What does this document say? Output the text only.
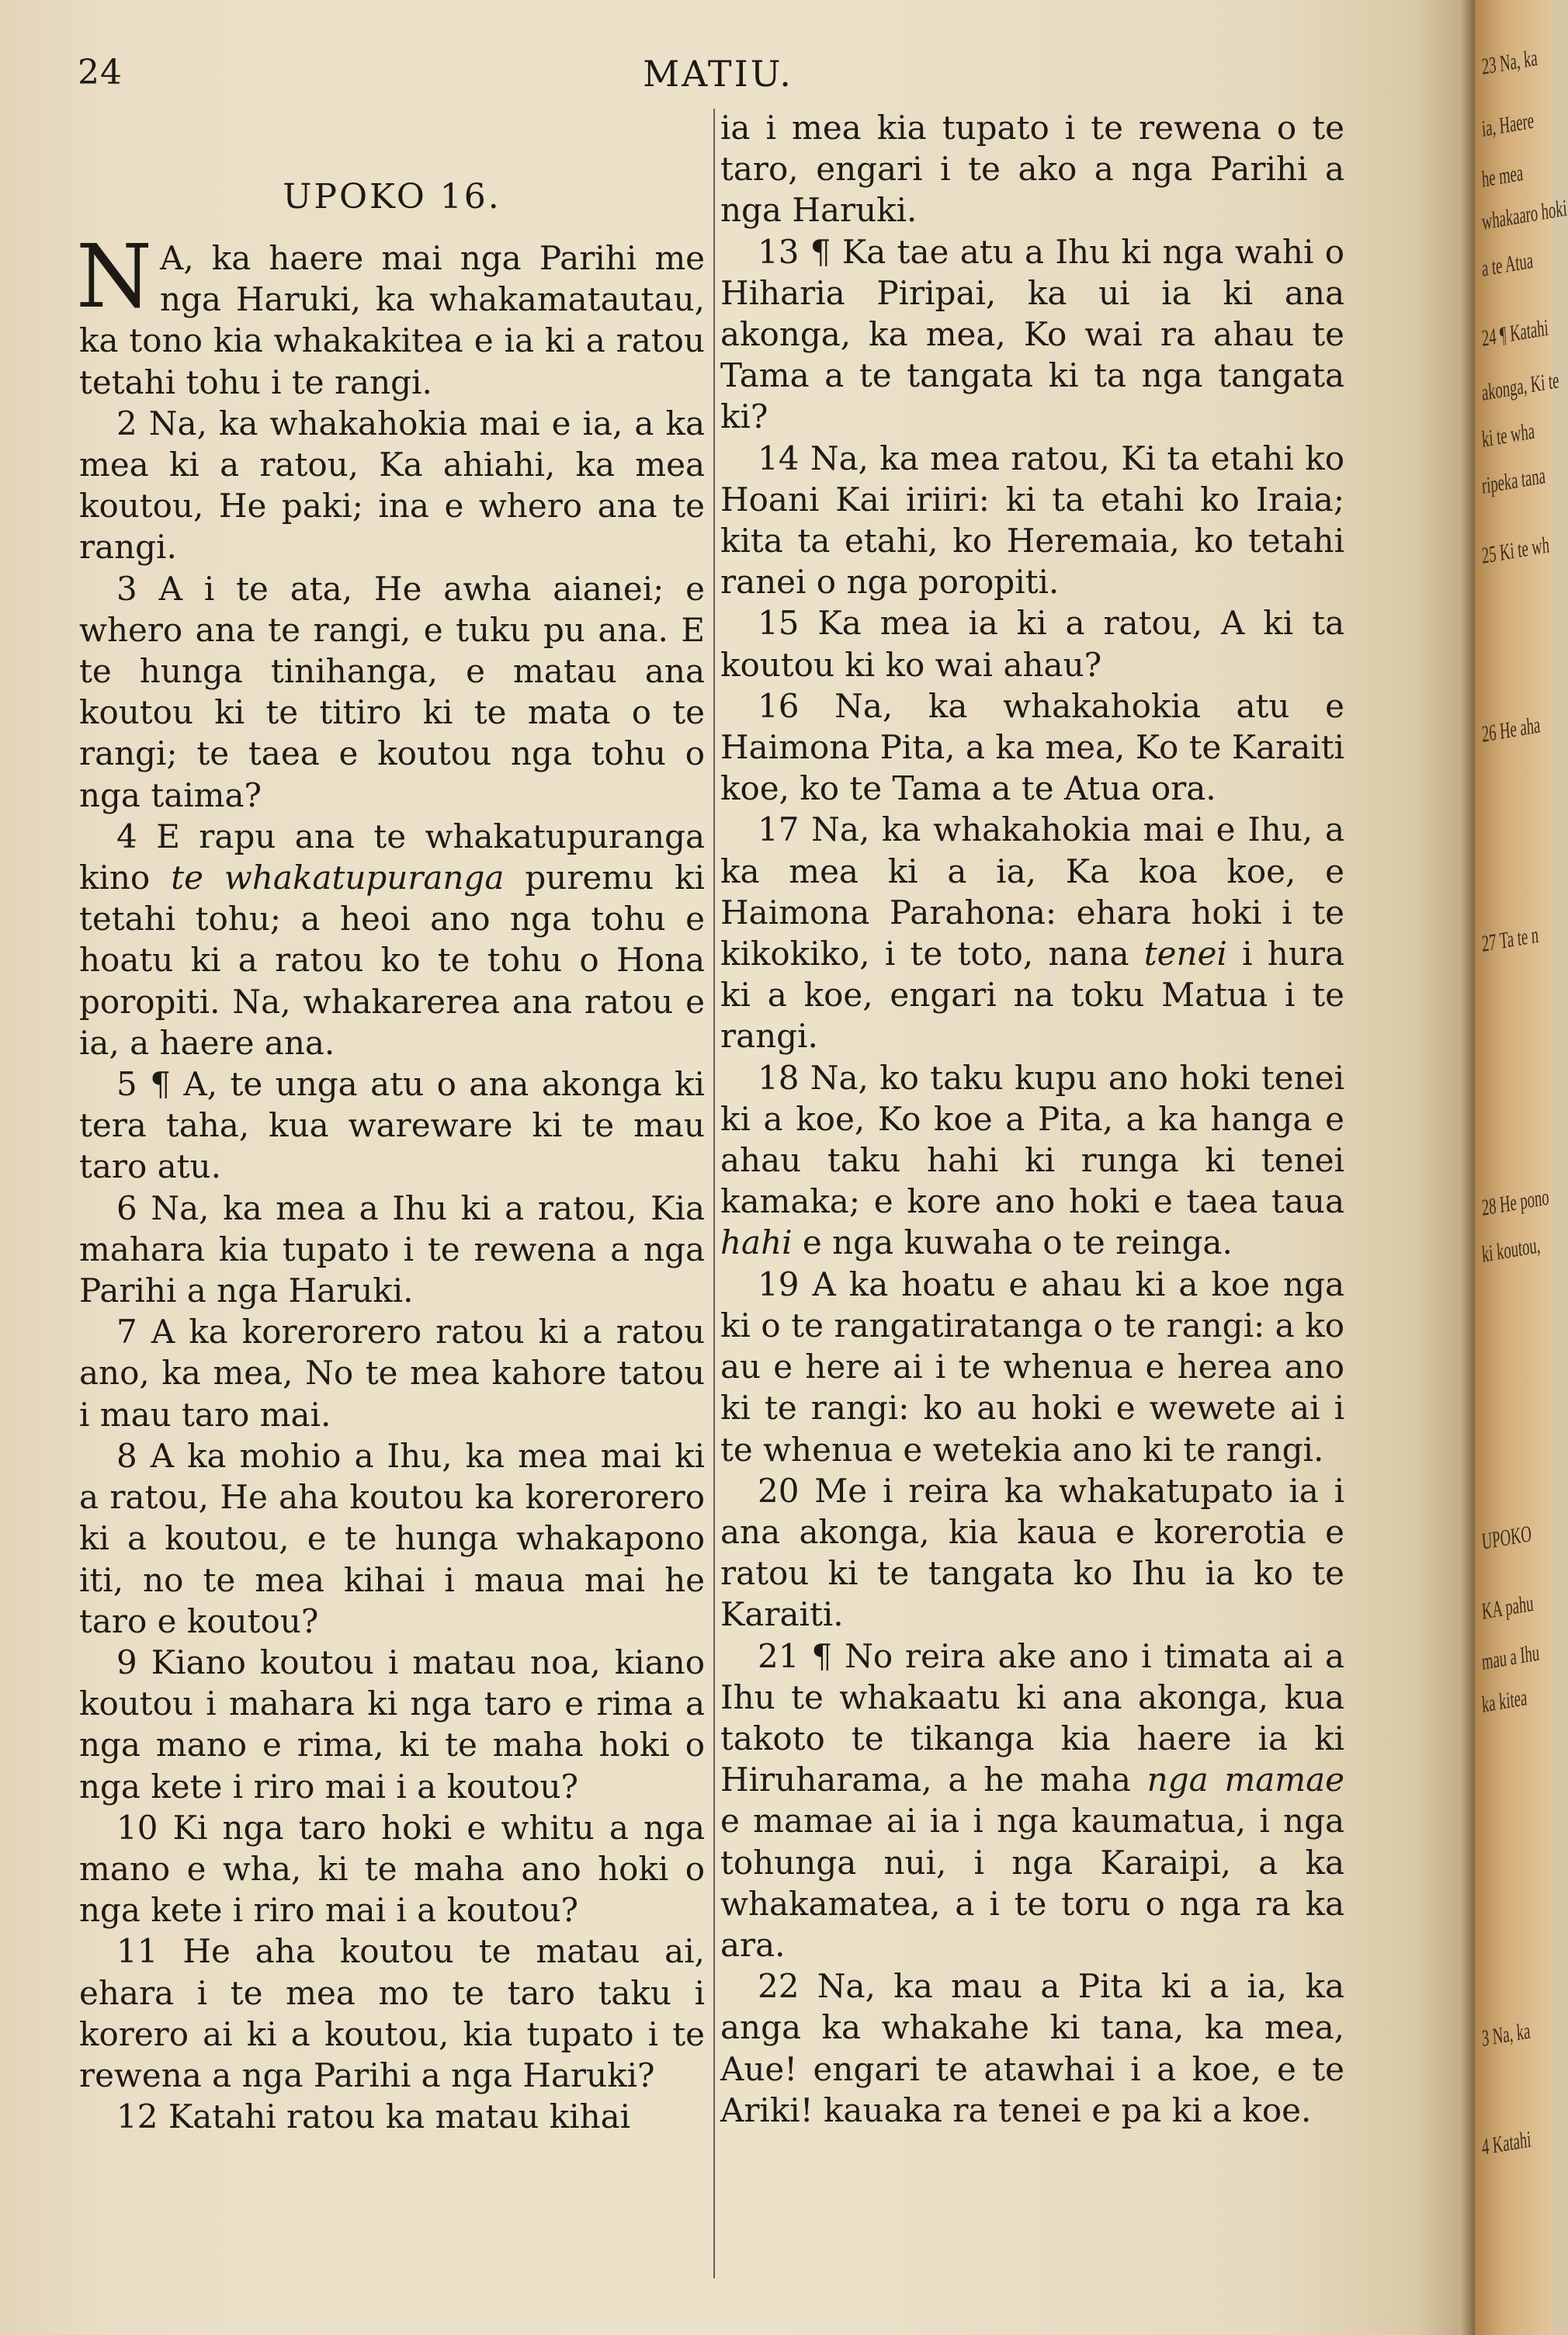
24	MATIU.
UPOKO 16.

N A, ka haere mai nga Parihi me nga Haruki, ka whakamatautau, ka tono kia whakakitea e ia ki a ratou tetahi tohu i te rangi.

2 Na, ka whakahokia mai e ia, a ka mea ki a ratou, Ka ahiahi, ka mea koutou, He paki; ina e whero ana te rangi.

3 A i te ata, He awha aianei; e whero ana te rangi, e tuku pu ana. E te hunga tinihanga, e matau ana koutou ki te titiro ki te mata o te rangi; te taea e koutou nga tohu o nga taima?

4 E rapu ana te whakatupuranga kino te whakatupuranga puremu ki tetahi tohu; a heoi ano nga tohu e hoatu ki a ratou ko te tohu o Hona poropiti. Na, whakarerea ana ratou e ia, a haere ana.

5 ¶ A, te unga atu o ana akonga ki tera taha, kua wareware ki te mau taro atu.

6 Na, ka mea a Ihu ki a ratou, Kia mahara kia tupato i te rewena a nga Parihi a nga Haruki.

7 A ka korerorero ratou ki a ratou ano, ka mea, No te mea kahore tatou i mau taro mai.

8 A ka mohio a Ihu, ka mea mai ki a ratou, He aha koutou ka korerorero ki a koutou, e te hunga whakapono iti, no te mea kihai i maua mai he taro e koutou?

9 Kiano koutou i matau noa, kiano koutou i mahara ki nga taro e rima a nga mano e rima, ki te maha hoki o nga kete i riro mai i a koutou?

10 Ki nga taro hoki e whitu a nga mano e wha, ki te maha ano hoki o nga kete i riro mai i a koutou?

11 He aha koutou te matau ai, ehara i te mea mo te taro taku i korero ai ki a koutou, kia tupato i te rewena a nga Parihi a nga Haruki?

12 Katahi ratou ka matau kihai

ia i mea kia tupato i te rewena o te taro, engari i te ako a nga Parihi a nga Haruki.

13 ¶ Ka tae atu a Ihu ki nga wahi o Hiharia Piripai, ka ui ia ki ana akonga, ka mea, Ko wai ra ahau te Tama a te tangata ki ta nga tangata ki?

14 Na, ka mea ratou, Ki ta etahi ko Hoani Kai iriiri: ki ta etahi ko Iraia; kita ta etahi, ko Heremaia, ko tetahi ranei o nga poropiti.

15 Ka mea ia ki a ratou, A ki ta koutou ki ko wai ahau?

16 Na, ka whakahokia atu e Haimona Pita, a ka mea, Ko te Karaiti koe, ko te Tama a te Atua ora.

17 Na, ka whakahokia mai e Ihu, a ka mea ki a ia, Ka koa koe, e Haimona Parahona: ehara hoki i te kikokiko, i te toto, nana tenei i hura ki a koe, engari na toku Matua i te rangi.

18 Na, ko taku kupu ano hoki tenei ki a koe, Ko koe a Pita, a ka hanga e ahau taku hahi ki runga ki tenei kamaka; e kore ano hoki e taea taua hahi e nga kuwaha o te reinga.

19 A ka hoatu e ahau ki a koe nga ki o te rangatiratanga o te rangi: a ko au e here ai i te whenua e herea ano ki te rangi: ko au hoki e wewete ai i te whenua e wetekia ano ki te rangi.

20 Me i reira ka whakatupato ia i ana akonga, kia kaua e korerotia e ratou ki te tangata ko Ihu ia ko te Karaiti.

21 ¶ No reira ake ano i timata ai a Ihu te whakaatu ki ana akonga, kua takoto te tikanga kia haere ia ki Hiruharama, a he maha nga mamae e mamae ai ia i nga kaumatua, i nga tohunga nui, i nga Karaipi, a ka whakamatea, a i te toru o nga ra ka ara.

22 Na, ka mau a Pita ki a ia, ka anga ka whakahe ki tana, ka mea, Aue! engari te atawhai i a koe, e te Ariki! kauaka ra tenei e pa ki a koe.

23 Na, ka
ia, Haere
he mea
whakaaro hoki
a te Atua
24 ¶ Katahi
akonga, Ki te
ki te wha
ripeka tana
25 Ki te wh
26 He aha
27 Ta te n
28 He pono
ki koutou,
UPOKO
KA pahu
mau a Ihu
ka kitea
3 Na, ka
4 Katahi
